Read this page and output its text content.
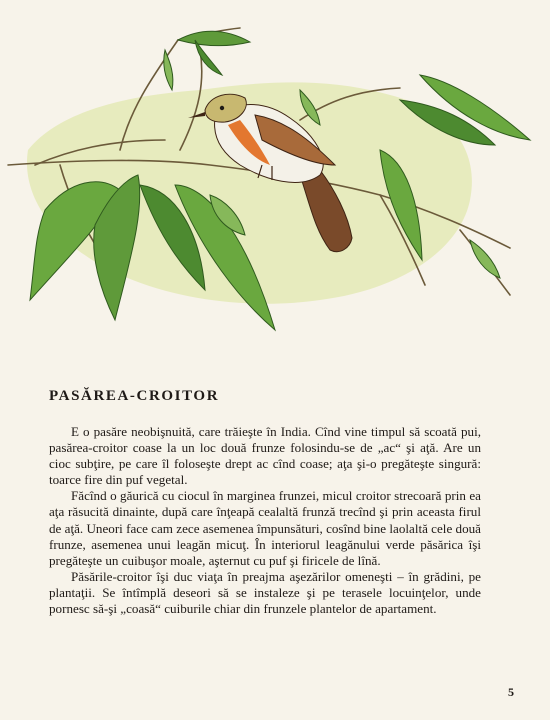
PASĂREA-CROITOR

E o pasăre neobişnuită, care trăieşte în India. Cînd vine timpul să scoată pui, pasărea-croitor coase la un loc două frunze folosindu-se de „ac“ şi aţă. Are un cioc subţire, pe care îl foloseşte drept ac cînd coase; aţa şi-o pregăteşte singură: toarce fire din puf vegetal.

Făcînd o găurică cu ciocul în marginea frunzei, micul croitor strecoară prin ea aţa răsucită dinainte, după care înţeapă cealaltă frunză trecînd şi prin aceasta firul de aţă. Uneori face cam zece asemenea împunsături, cosînd bine laolaltă cele două frunze, asemenea unui leagăn micuţ. În interiorul leagănului verde păsărica îşi pregăteşte un cuibuşor moale, aşternut cu puf şi firicele de lînă.

Păsările-croitor îşi duc viaţa în preajma aşezărilor omeneşti – în grădini, pe plantaţii. Se întîmplă deseori să se instaleze şi pe terasele locuinţelor, unde pornesc să-şi „coasă“ cuiburile chiar din frunzele plantelor de apartament.

5
